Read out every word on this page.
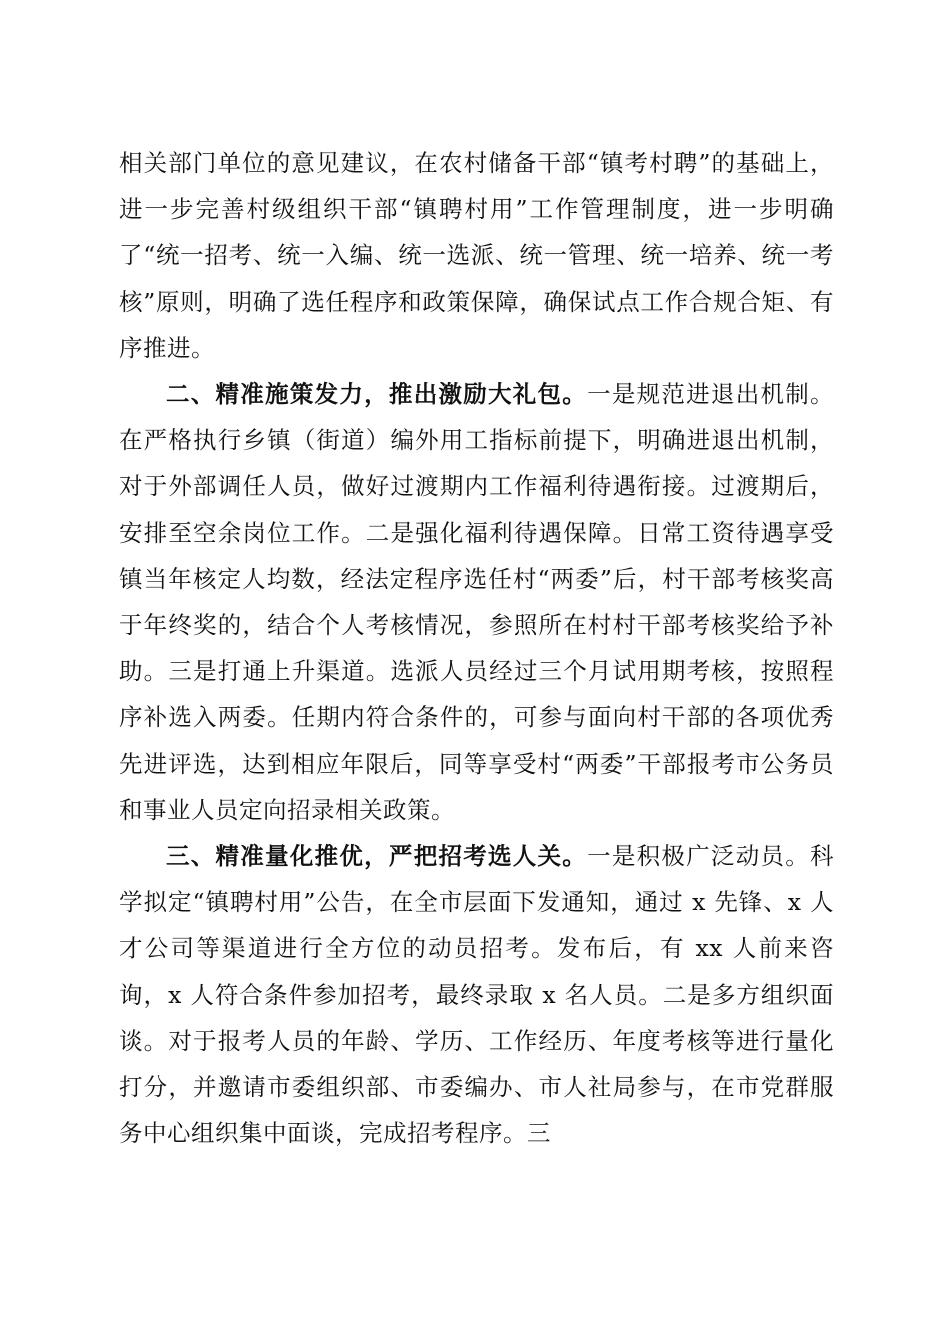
相关部门单位的意见建议，在农村储备干部“镇考村聘”的基础上，进一步完善村级组织干部“镇聘村用”工作管理制度，进一步明确了“统一招考、统一入编、统一选派、统一管理、统一培养、统一考核”原则，明确了选任程序和政策保障，确保试点工作合规合矩、有序推进。

二、精准施策发力，推出激励大礼包。一是规范进退出机制。在严格执行乡镇（街道）编外用工指标前提下，明确进退出机制，对于外部调任人员，做好过渡期内工作福利待遇衔接。过渡期后，安排至空余岗位工作。二是强化福利待遇保障。日常工资待遇享受镇当年核定人均数，经法定程序选任村“两委”后，村干部考核奖高于年终奖的，结合个人考核情况，参照所在村村干部考核奖给予补助。三是打通上升渠道。选派人员经过三个月试用期考核，按照程序补选入两委。任期内符合条件的，可参与面向村干部的各项优秀先进评选，达到相应年限后，同等享受村“两委”干部报考市公务员和事业人员定向招录相关政策。

三、精准量化推优，严把招考选人关。一是积极广泛动员。科学拟定“镇聘村用”公告，在全市层面下发通知，通过 x 先锋、x 人才公司等渠道进行全方位的动员招考。发布后，有 xx 人前来咨询，x 人符合条件参加招考，最终录取 x 名人员。二是多方组织面谈。对于报考人员的年龄、学历、工作经历、年度考核等进行量化打分，并邀请市委组织部、市委编办、市人社局参与，在市党群服务中心组织集中面谈，完成招考程序。三
